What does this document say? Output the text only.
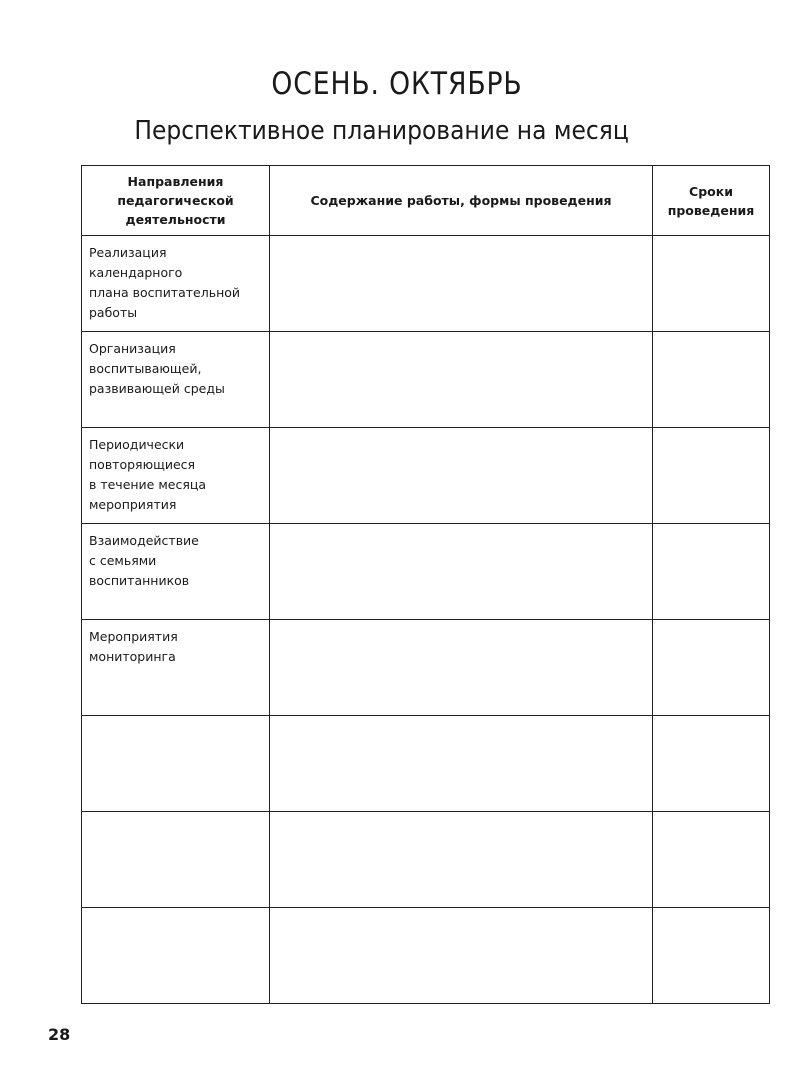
ОСЕНЬ. ОКТЯБРЬ
Перспективное планирование на месяц
Направления
педагогической
деятельности	Содержание работы, формы проведения	Сроки
проведения

Реализация
календарного
плана воспитательной
работы		

Организация
воспитывающей,
развивающей среды		

Периодически
повторяющиеся
в течение месяца
мероприятия		

Взаимодействие
с семьями
воспитанников		

Мероприятия
мониторинга		

28
